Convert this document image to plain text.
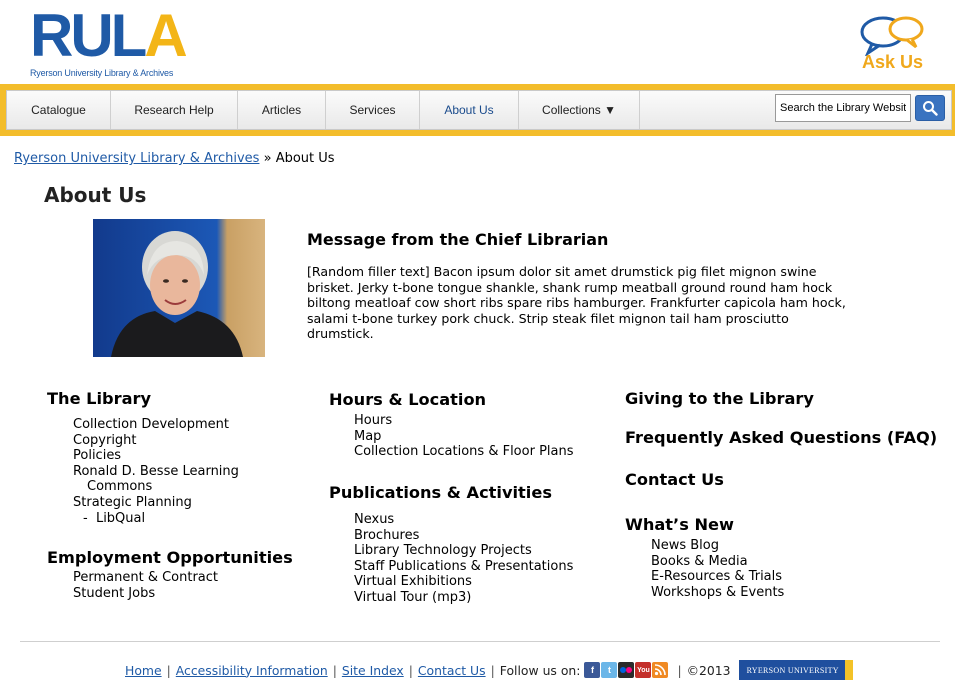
RUL A
Ryerson University Library & Archives
Ask Us
Catalogue	Research Help	Articles	Services	About Us	Collections ▼
Search the Library Website
Ryerson University Library & Archives » About Us
About Us
Message from the Chief Librarian

[Random filler text] Bacon ipsum dolor sit amet drumstick pig filet mignon swine brisket. Jerky t-bone tongue shankle, shank rump meatball ground round ham hock biltong meatloaf cow short ribs spare ribs hamburger. Frankfurter capicola ham hock, salami t-bone turkey pork chuck. Strip steak filet mignon tail ham prosciutto drumstick.

The Library
Collection Development
Copyright
Policies
Ronald D. Besse Learning
Commons
Strategic Planning
-  LibQual
Employment Opportunities
Permanent & Contract
Student Jobs
Hours & Location
Hours
Map
Collection Locations & Floor Plans
Publications & Activities
Nexus
Brochures
Library Technology Projects
Staff Publications & Presentations
Virtual Exhibitions
Virtual Tour (mp3)
Giving to the Library
Frequently Asked Questions (FAQ)
Contact Us
What’s New
News Blog
Books & Media
E-Resources & Trials
Workshops & Events
Home | Accessibility Information | Site Index | Contact Us | Follow us on:	f	t	You | ©2013 RYERSON UNIVERSITY
